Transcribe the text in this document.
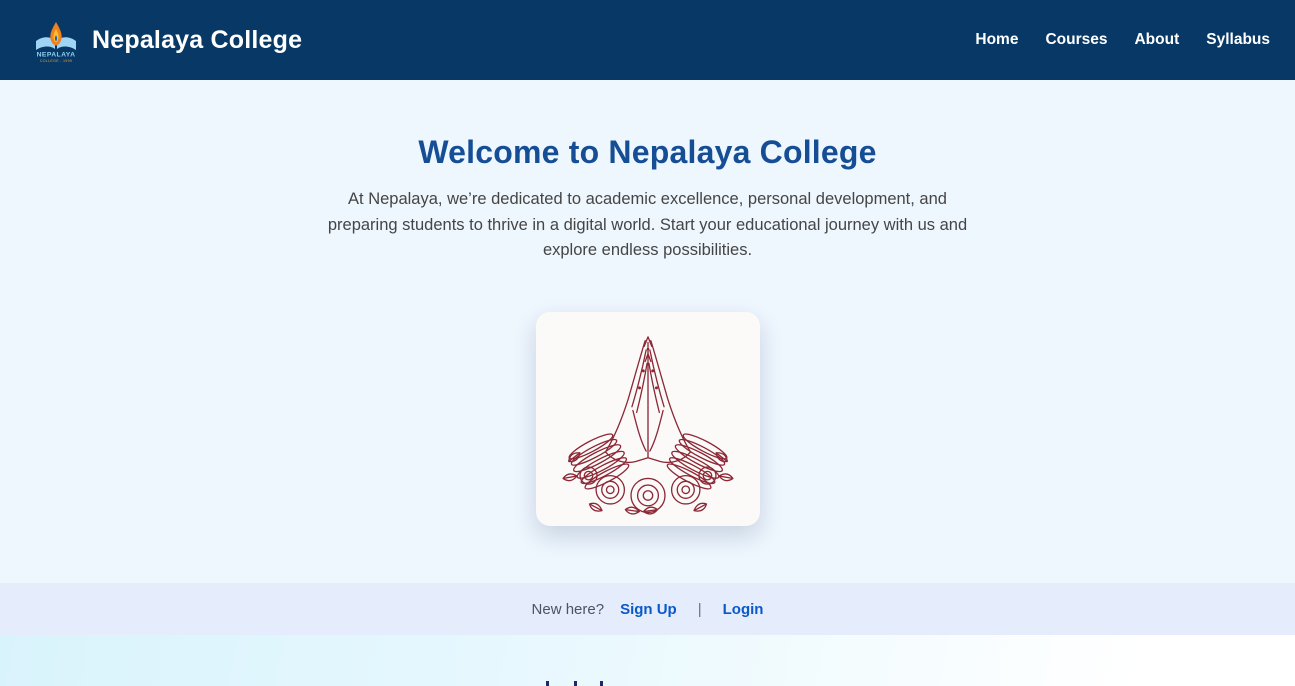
NEPALAYA
COLLEGE - 1999
Nepalaya College	Home Courses About Syllabus
Welcome to Nepalaya College
At Nepalaya, we’re dedicated to academic excellence, personal development, and
preparing students to thrive in a digital world. Start your educational journey with us and
explore endless possibilities.
New here? Sign Up | Login
